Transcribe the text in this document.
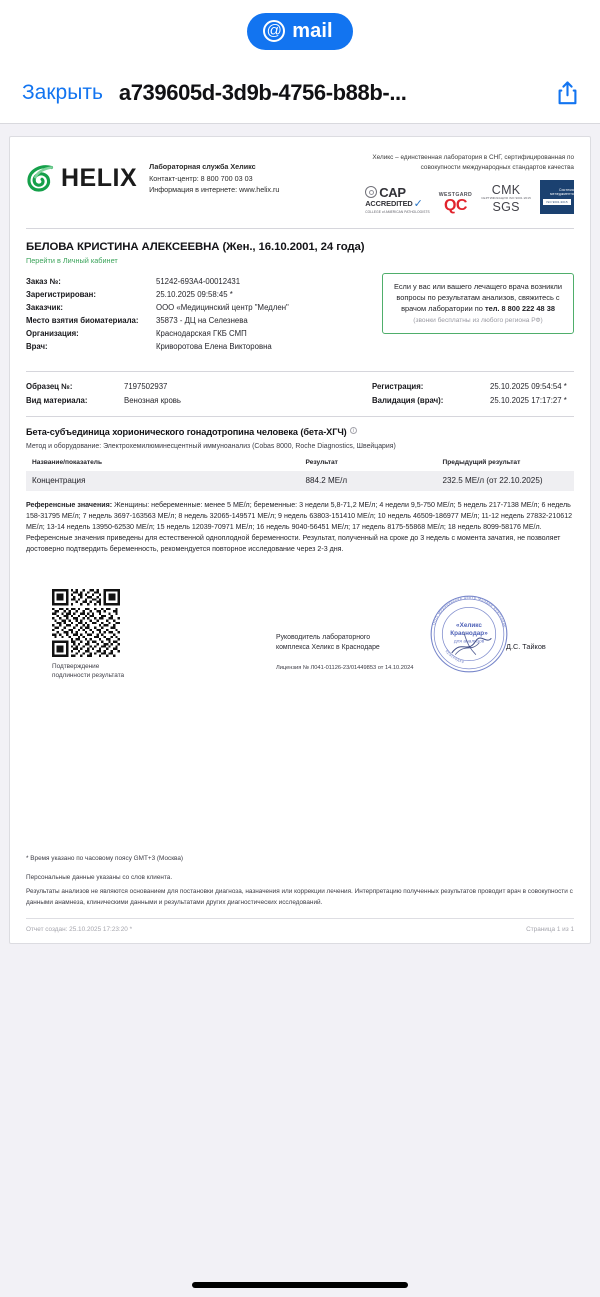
@ mail
Закрыть a739605d-3d9b-4756-b88b-...
HELIX Лабораторная служба Хеликс
Контакт-центр: 8 800 700 03 03
Информация в интернете: www.helix.ru
Хеликс – единственная лаборатория в СНГ, сертифицированная по совокупности международных стандартов качества
CAP
ACCREDITED ✓
COLLEGE of AMERICAN PATHOLOGISTS
WESTGARD
QC
CMK
СЕРТИФИКАЦИЯ ISO 9001:2015
SGS
Система менеджмента
ISO 9001:2015
БЕЛОВА КРИСТИНА АЛЕКСЕЕВНА (Жен., 16.10.2001, 24 года)
Перейти в Личный кабинет
Заказ №:	51242-693A4-00012431
Зарегистрирован:	25.10.2025 09:58:45 *
Заказчик:	ООО «Медицинский центр "Медлен"
Место взятия биоматериала:	35873 - ДЦ на Селезнева
Организация:	Краснодарская ГКБ СМП
Врач:	Криворотова Елена Викторовна
Если у вас или вашего лечащего врача возникли вопросы по результатам анализов, свяжитесь с врачом лаборатории по тел. 8 800 222 48 38
(звонки бесплатны из любого региона РФ)
Образец №:	7197502937
Вид материала:	Венозная кровь
Регистрация:	25.10.2025 09:54:54 *
Валидация (врач):	25.10.2025 17:17:27 *
Бета-субъединица хорионического гонадотропина человека (бета-ХГЧ) i
Метод и оборудование: Электрохемилюминесцентный иммуноанализ (Cobas 8000, Roche Diagnostics, Швейцария)
Название/показатель	Результат	Предыдущий результат
Концентрация	884.2 МЕ/л	232.5 МЕ/л (от 22.10.2025)
Референсные значения: Женщины: небеременные: менее 5 МЕ/л; беременные: 3 недели 5,8-71,2 МЕ/л; 4 недели 9,5-750 МЕ/л; 5 недель 217-7138 МЕ/л; 6 недель 158-31795 МЕ/л; 7 недель 3697-163563 МЕ/л; 8 недель 32065-149571 МЕ/л; 9 недель 63803-151410 МЕ/л; 10 недель 46509-186977 МЕ/л; 11-12 недель 27832-210612 МЕ/л; 13-14 недель 13950-62530 МЕ/л; 15 недель 12039-70971 МЕ/л; 16 недель 9040-56451 МЕ/л; 17 недель 8175-55868 МЕ/л; 18 недель 8099-58176 МЕ/л. Референсные значения приведены для естественной одноплодной беременности. Результат, полученный на сроке до 3 недель с момента зачатия, не позволяет достоверно подтвердить беременность, рекомендуется повторное исследование через 2-3 дня.
Подтверждение
подлинности результата
Руководитель лабораторного
комплекса Хеликс в Краснодаре
Лицензия № Л041-01126-23/01449853 от 14.10.2024
Д.С. Тайков
ООО Медицинский центр Мелден Краснодар
Краснодар
«Хеликс
Краснодар»
для анализов
* Время указано по часовому поясу GMT+3 (Москва)
Персональные данные указаны со слов клиента.
Результаты анализов не являются основанием для постановки диагноза, назначения или коррекции лечения. Интерпретацию полученных результатов проводит врач в совокупности с данными анамнеза, клиническими данными и результатами других диагностических исследований.
Отчет создан: 25.10.2025 17:23:20 *	Страница 1 из 1
